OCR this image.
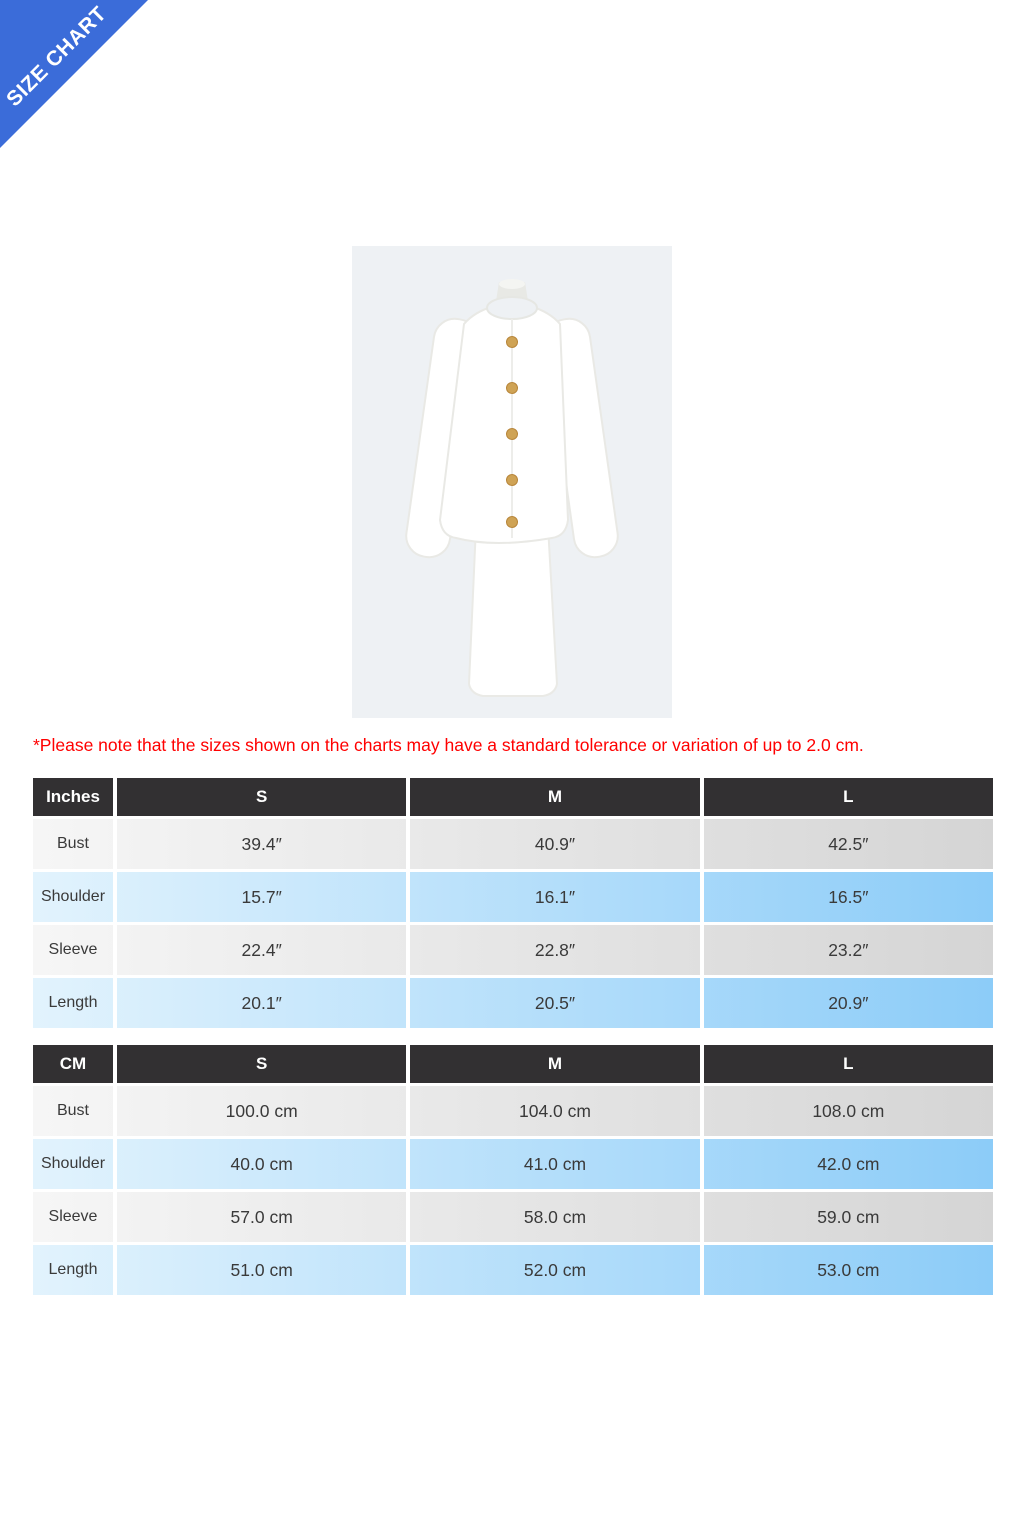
SIZE CHART

*Please note that the sizes shown on the charts may have a standard tolerance or variation of up to 2.0 cm.

Inches	S	M	L
Bust	39.4″	40.9″	42.5″
Shoulder	15.7″	16.1″	16.5″
Sleeve	22.4″	22.8″	23.2″
Length	20.1″	20.5″	20.9″
CM	S	M	L
Bust	100.0 cm	104.0 cm	108.0 cm
Shoulder	40.0 cm	41.0 cm	42.0 cm
Sleeve	57.0 cm	58.0 cm	59.0 cm
Length	51.0 cm	52.0 cm	53.0 cm
